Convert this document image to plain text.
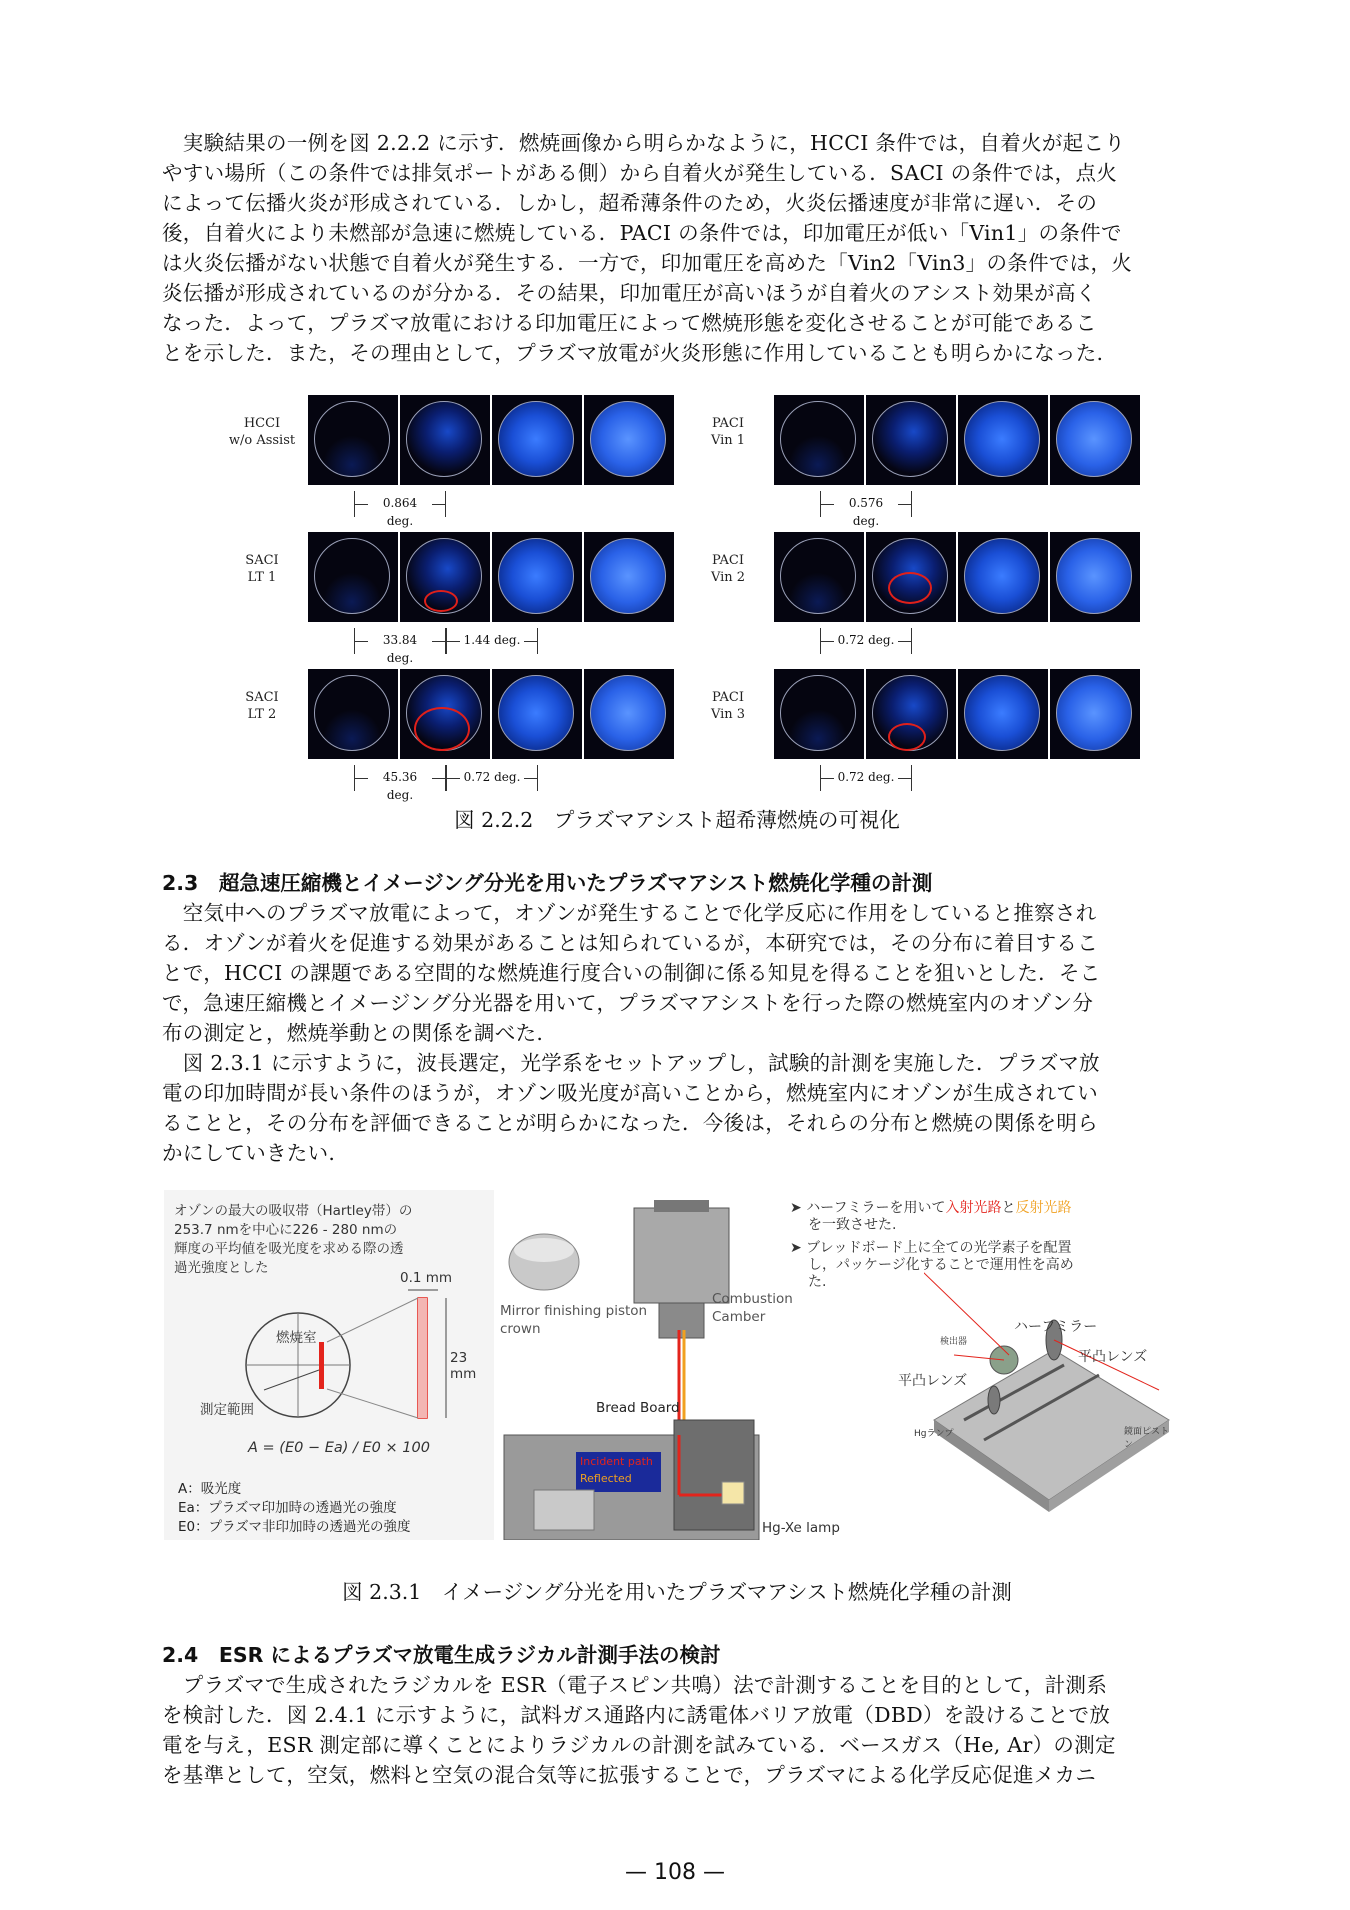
　実験結果の一例を図 2.2.2 に示す．燃焼画像から明らかなように，HCCI 条件では，自着火が起こり
やすい場所（この条件では排気ポートがある側）から自着火が発生している．SACI の条件では，点火
によって伝播火炎が形成されている．しかし，超希薄条件のため，火炎伝播速度が非常に遅い．その
後，自着火により未燃部が急速に燃焼している．PACI の条件では，印加電圧が低い「Vin1」の条件で
は火炎伝播がない状態で自着火が発生する．一方で，印加電圧を高めた「Vin2「Vin3」の条件では，火
炎伝播が形成されているのが分かる．その結果，印加電圧が高いほうが自着火のアシスト効果が高く
なった．よって，プラズマ放電における印加電圧によって燃焼形態を変化させることが可能であるこ
とを示した．また，その理由として，プラズマ放電が火炎形態に作用していることも明らかになった.
HCCI
w/o Assist
0.864 deg.
PACI
Vin 1
0.576 deg.
SACI
LT 1
33.84 deg.
1.44 deg.
PACI
Vin 2
0.72 deg.
SACI
LT 2
45.36 deg.
0.72 deg.
PACI
Vin 3
0.72 deg.

図 2.2.2　プラズマアシスト超希薄燃焼の可視化

2.3　超急速圧縮機とイメージング分光を用いたプラズマアシスト燃焼化学種の計測

　空気中へのプラズマ放電によって，オゾンが発生することで化学反応に作用をしていると推察され
る．オゾンが着火を促進する効果があることは知られているが，本研究では，その分布に着目するこ
とで，HCCI の課題である空間的な燃焼進行度合いの制御に係る知見を得ることを狙いとした．そこ
で，急速圧縮機とイメージング分光器を用いて，プラズマアシストを行った際の燃焼室内のオゾン分
布の測定と，燃焼挙動との関係を調べた.
　図 2.3.1 に示すように，波長選定，光学系をセットアップし，試験的計測を実施した．プラズマ放
電の印加時間が長い条件のほうが，オゾン吸光度が高いことから，燃焼室内にオゾンが生成されてい
ることと，その分布を評価できることが明らかになった．今後は，それらの分布と燃焼の関係を明ら
かにしていきたい.
オゾンの最大の吸収帯（Hartley帯）の
253.7 nmを中心に226 - 280 nmの
輝度の平均値を吸光度を求める際の透
過光強度とした
0.1 mm
23 mm
燃焼室
測定範囲
A = (E0 − Ea) / E0 × 100
A：吸光度
Ea：プラズマ印加時の透過光の強度
E0：プラズマ非印加時の透過光の強度
Mirror finishing piston
crown
Combustion
Camber
Bread Board
Incident path
Reflected
Hg-Xe lamp
➤ ハーフミラーを用いて入射光路と反射光路
を一致させた.
➤ ブレッドボード上に全ての光学素子を配置
し，パッケージ化することで運用性を高め
た.
ハーフミラー
平凸レンズ
平凸レンズ
検出器
Hgランプ	鏡面ピストン

図 2.3.1　イメージング分光を用いたプラズマアシスト燃焼化学種の計測

2.4　ESR によるプラズマ放電生成ラジカル計測手法の検討

　プラズマで生成されたラジカルを ESR（電子スピン共鳴）法で計測することを目的として，計測系
を検討した．図 2.4.1 に示すように，試料ガス通路内に誘電体バリア放電（DBD）を設けることで放
電を与え，ESR 測定部に導くことによりラジカルの計測を試みている．ベースガス（He, Ar）の測定
を基準として，空気，燃料と空気の混合気等に拡張することで，プラズマによる化学反応促進メカニ
— 108 —
